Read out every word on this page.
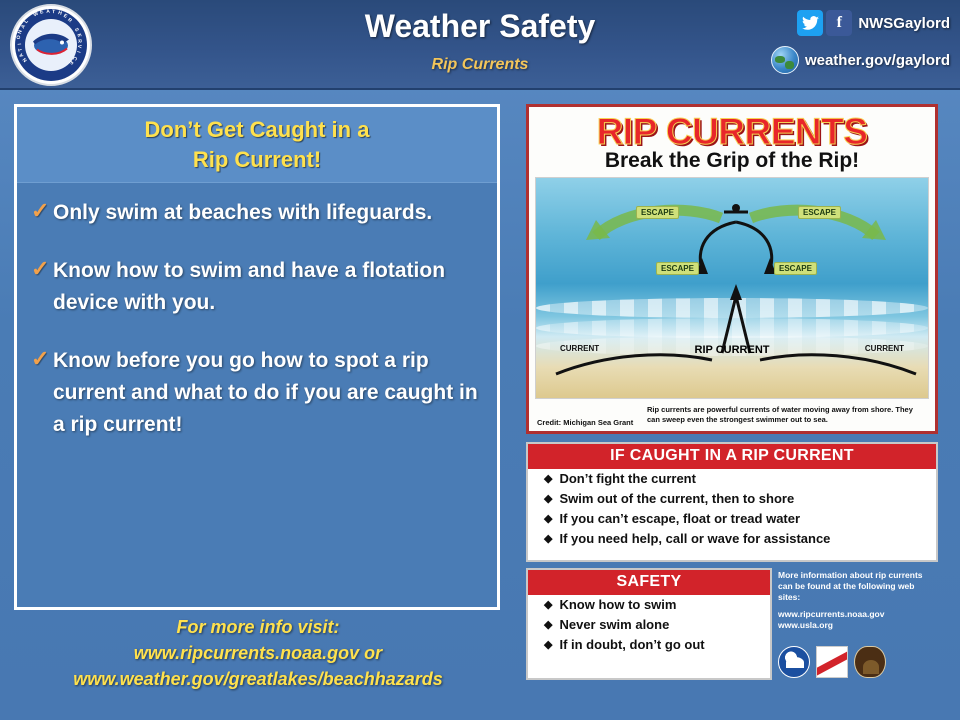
N
A
T
I
O
N
A
L
W E A T H E
R
S
E
R
V
I
C
E
Weather Safety
Rip Currents
f	NWSGaylord
weather.gov/gaylord
Don’t Get Caught in a
Rip Current!
✓ Only swim at beaches with lifeguards.
✓ Know how to swim and have a flotation device with you.
✓ Know before you go how to spot a rip current and what to do if you are caught in a rip current!
For more info visit:
www.ripcurrents.noaa.gov or
www.weather.gov/greatlakes/beachhazards
RIP CURRENTS
Break the Grip of the Rip!
ESCAPE	ESCAPE
ESCAPE	ESCAPE
CURRENT	CURRENT
RIP CURRENT
Credit: Michigan Sea Grant
Rip currents are powerful currents of water moving away from shore. They can sweep even the strongest swimmer out to sea.
IF CAUGHT IN A RIP CURRENT
◆ Don’t fight the current
◆ Swim out of the current, then to shore
◆ If you can’t escape, float or tread water
◆ If you need help, call or wave for assistance
SAFETY
◆ Know how to swim
◆ Never swim alone
◆ If in doubt, don’t go out
More information about rip currents can be found at the following web sites:
www.ripcurrents.noaa.gov
www.usla.org
